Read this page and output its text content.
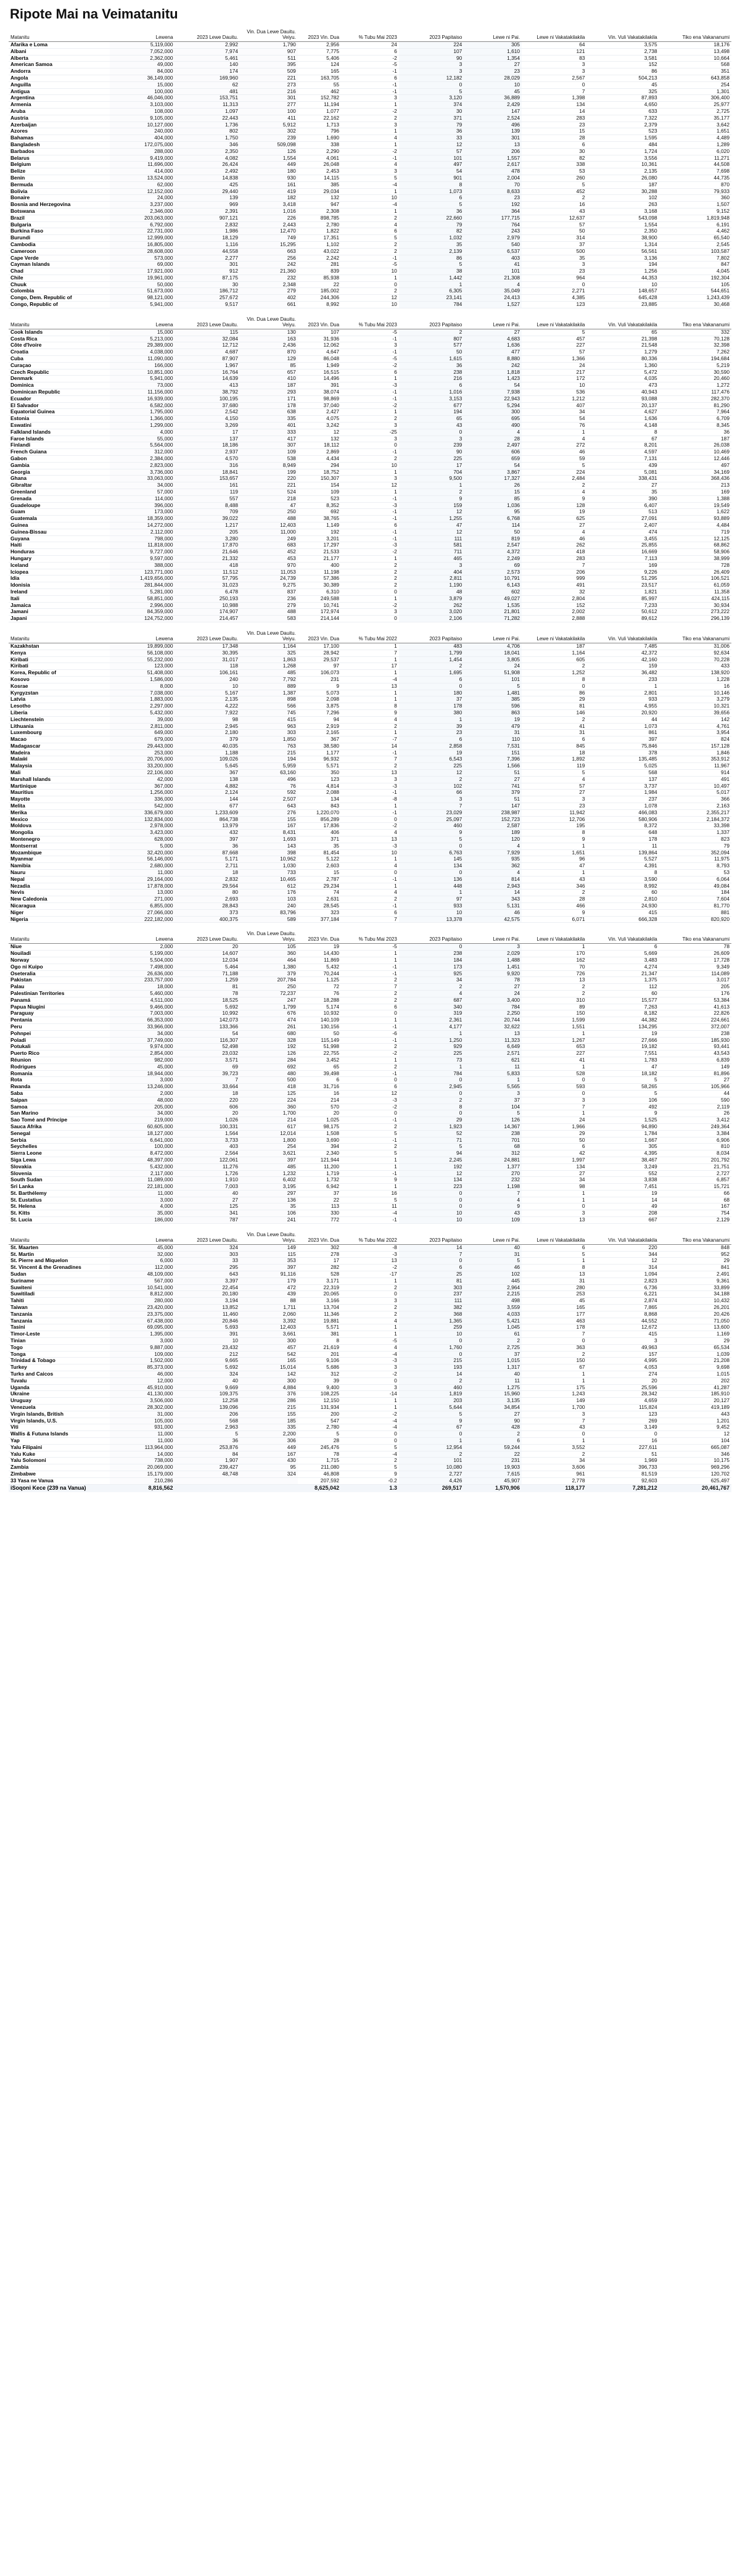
Ripote Mai na Veimatanitu
Matanitu	Lewena	2023 Lewe Dauitu.	Vin. Dua Lewe Dauitu. Veiyu.	2023 Vin. Dua	% Tubu Mai 2023	2023 Papitaiso	Lewe ni Pai.	Lewe ni Vakatakilakila	Vin. Vuli Vakatakilakila	Tiko ena Vakananumi
Afarika e Loma	5,119,000	2,992	1,790	2,956	24	224	305	64	3,575	18,176
Albani	7,052,000	7,974	907	7,775	6	107	1,610	121	2,738	13,498
Alberta	2,362,000	5,461	511	5,406	-2	90	1,354	83	3,581	10,664
American Samoa	49,000	140	395	124	-5	3	27	3	152	568
Andorra	84,000	174	509	165	-1	3	23	3	86	351
Angola	36,149,000	169,960	221	163,705	6	12,182	28,029	2,567	504,213	643,858
Anguilla	15,000	62	273	55	-1	0	10	0	45	254
Antigua	100,000	481	216	462	-1	5	45	7	325	1,301
Argentina	46,046,000	153,751	301	152,782	3	3,120	36,889	1,398	87,893	306,400
Armenia	3,103,000	11,313	277	11,194	1	374	2,429	134	4,650	25,977
Aruba	108,000	1,097	100	1,077	-2	30	147	14	633	2,725
Austria	9,105,000	22,443	411	22,162	2	371	2,524	283	7,322	35,177
Azerbaijan	10,127,000	1,736	5,912	1,713	3	79	496	23	2,379	3,642
Azores	240,000	802	302	796	1	36	139	15	523	1,651
Bahamas	404,000	1,750	239	1,690	4	33	301	28	1,595	4,489
Bangladesh	172,075,000	346	509,098	338	1	12	13	6	484	1,289
Barbados	288,000	2,350	126	2,290	-2	57	206	30	1,724	6,020
Belarus	9,419,000	4,082	1,554	4,061	-1	101	1,557	82	3,556	11,271
Belgium	11,696,000	26,424	449	26,048	4	497	2,617	338	10,361	44,508
Belize	414,000	2,492	180	2,453	3	54	478	53	2,135	7,698
Benin	13,524,000	14,838	930	14,115	5	901	2,004	260	26,080	44,735
Bermuda	62,000	425	161	385	-4	8	70	5	187	870
Bolivia	12,152,000	29,440	419	29,034	1	1,073	8,633	452	30,288	79,933
Bonaire	24,000	139	182	132	10	6	23	2	102	360
Bosnia and Herzegovina	3,237,000	969	3,418	947	-4	5	192	16	263	1,507
Botswana	2,346,000	2,391	1,016	2,308	1	36	364	43	3,168	9,152
Brazil	203,063,000	907,121	226	898,785	2	22,660	177,715	12,637	543,098	1,819,948
Bulgaria	6,792,000	2,832	2,443	2,780	4	79	764	57	1,554	6,191
Burkina Faso	22,731,000	1,986	12,470	1,822	6	82	243	50	2,350	4,462
Burundi	12,999,000	18,129	749	17,351	5	1,032	2,979	314	38,900	65,540
Cambodia	16,805,000	1,116	15,295	1,102	2	35	540	37	1,314	2,545
Cameroon	28,608,000	44,558	663	43,022	2	2,139	6,537	500	56,561	103,587
Cape Verde	573,000	2,277	256	2,242	-1	86	403	35	3,136	7,802
Cayman Islands	69,000	301	242	281	-5	5	41	3	194	847
Chad	17,921,000	912	21,360	839	10	38	101	23	1,256	4,045
Chile	19,961,000	87,175	232	85,938	1	1,442	21,308	964	44,353	192,304
Chuuk	50,000	30	2,348	22	0	1	4	0	10	105
Colombia	51,673,000	186,712	279	185,002	2	6,305	35,049	2,271	148,657	544,651
Congo, Dem. Republic of	98,121,000	257,672	402	244,306	12	23,141	24,413	4,385	645,428	1,243,439
Congo, Republic of	5,941,000	9,517	661	8,992	10	784	1,527	123	23,885	30,468
Matanitu	Lewena	2023 Lewe Dauitu.	Vin. Dua Lewe Dauitu. Veiyu.	2023 Vin. Dua	% Tubu Mai 2023	2023 Papitaiso	Lewe ni Pai.	Lewe ni Vakatakilakila	Vin. Vuli Vakatakilakila	Tiko ena Vakananumi
Cook Islands	15,000	115	130	107	-5	2	27	5	65	332
Costa Rica	5,213,000	32,084	163	31,936	-1	807	4,683	457	21,398	70,128
Côte d'Ivoire	29,389,000	12,712	2,436	12,062	3	577	1,636	227	21,548	32,398
Croatia	4,038,000	4,687	870	4,647	-1	50	477	57	1,279	7,262
Cuba	11,090,000	87,907	129	86,048	-5	1,615	8,880	1,366	80,336	194,684
Curaçao	166,000	1,967	85	1,949	-2	36	242	24	1,360	5,219
Czech Republic	10,851,000	16,764	657	16,515	6	238	1,818	217	5,472	30,590
Denmark	5,941,000	14,639	410	14,496	1	216	1,423	172	4,035	20,460
Dominica	73,000	413	187	391	-3	6	54	10	473	1,272
Dominican Republic	11,156,000	38,792	293	38,074	-1	1,016	7,938	536	40,943	117,476
Ecuador	16,939,000	100,195	171	98,869	-1	3,153	22,943	1,212	93,088	282,370
El Salvador	6,582,000	37,680	178	37,040	-2	677	5,294	407	20,137	81,290
Equatorial Guinea	1,795,000	2,542	638	2,427	1	194	300	34	4,627	7,964
Estonia	1,366,000	4,150	335	4,075	2	65	695	54	1,636	6,709
Eswatini	1,299,000	3,269	401	3,242	3	43	490	76	4,148	8,345
Falkland Islands	4,000	17	333	12	-25	0	4	1	8	36
Faroe Islands	55,000	137	417	132	3	3	28	4	67	187
Finlandi	5,564,000	18,186	307	18,112	0	239	2,497	272	8,201	26,038
French Guiana	312,000	2,937	109	2,869	-1	90	606	46	4,597	10,469
Gabon	2,384,000	4,570	538	4,434	2	225	659	59	7,131	12,446
Gambia	2,823,000	316	8,949	294	10	17	54	5	439	497
Georgia	3,736,000	18,841	199	18,752	1	704	3,867	224	5,081	34,169
Ghana	33,063,000	153,657	220	150,307	3	9,500	17,327	2,484	338,431	368,436
Gibraltar	34,000	161	221	154	12	1	26	2	27	213
Greenland	57,000	119	524	109	1	2	15	4	35	169
Grenada	114,000	557	218	523	-1	9	85	9	390	1,388
Guadeloupe	396,000	8,488	47	8,352	-3	159	1,036	128	6,407	19,549
Guam	173,000	709	250	692	-1	12	95	19	513	1,622
Guatemala	18,359,000	39,022	488	38,765	-1	1,255	6,768	625	27,091	93,889
Guinea	14,272,000	1,217	12,403	1,149	6	47	114	27	2,407	4,484
Guinea-Bissau	2,112,000	205	11,000	192	-1	12	50	4	474	719
Guyana	798,000	3,280	249	3,201	-1	111	819	46	3,455	12,125
Haiti	11,818,000	17,870	683	17,297	-3	581	2,547	262	25,855	68,862
Honduras	9,727,000	21,646	452	21,533	-2	711	4,372	418	16,669	58,906
Hungary	9,597,000	21,332	453	21,177	1	465	2,249	283	7,113	38,999
Iceland	388,000	418	970	400	2	3	69	7	169	728
Iciopea	123,771,000	11,512	11,053	11,198	2	404	2,573	206	9,226	26,409
Idia	1,419,656,000	57,795	24,739	57,386	2	2,811	10,791	999	51,295	106,521
Idonisia	281,844,000	31,023	9,275	30,389	2	1,190	6,143	491	23,517	61,059
Ireland	5,281,000	6,478	837	6,310	0	48	602	32	1,821	11,358
Itali	58,851,000	250,193	236	249,588	1	3,879	49,027	2,804	85,997	424,115
Jamaica	2,996,000	10,988	279	10,741	-2	262	1,535	152	7,233	30,934
Jamani	84,359,000	174,907	488	172,974	3	3,020	21,801	2,002	50,612	273,222
Japani	124,752,000	214,457	583	214,144	0	2,106	71,282	2,888	89,612	296,139
Matanitu	Lewena	2023 Lewe Dauitu.	Vin. Dua Lewe Dauitu. Veiyu.	2023 Vin. Dua	% Tubu Mai 2022	2023 Papitaiso	Lewe ni Pai.	Lewe ni Vakatakilakila	Vin. Vuli Vakatakilakila	Tiko ena Vakananumi
Kazakhstan	19,899,000	17,348	1,164	17,100	1	483	4,706	187	7,485	31,006
Kenya	56,108,000	30,395	325	28,942	7	1,799	18,041	1,164	42,372	92,634
Kiribati	55,232,000	31,017	1,863	29,537	1	1,454	3,805	605	42,160	70,228
Kiribati	123,000	118	1,268	97	17	2	24	2	159	433
Korea, Republic of	51,408,000	106,161	485	106,073	1	1,695	51,908	1,252	36,482	138,920
Kosovo	1,586,000	240	7,792	231	-4	6	101	8	233	1,228
Kosrae	8,000	10	889	9	13	0	5	0	1	16
Kyrgyzstan	7,038,000	5,167	1,387	5,073	1	180	1,481	86	2,801	10,146
Latvia	1,883,000	2,135	898	2,098	1	37	385	29	933	3,279
Lesotho	2,297,000	4,222	566	3,875	8	178	596	81	4,955	10,321
Liberia	5,432,000	7,922	745	7,296	9	380	863	146	20,920	39,656
Liechtenstein	39,000	98	415	94	4	1	19	2	44	142
Lithuania	2,811,000	2,945	963	2,919	2	39	479	41	1,073	4,761
Luxembourg	649,000	2,180	303	2,165	1	23	31	31	861	3,954
Macao	679,000	379	1,850	367	-7	6	110	6	397	824
Madagascar	29,443,000	40,035	763	38,580	14	2,858	7,531	845	75,846	157,128
Madeira	253,000	1,188	215	1,177	-1	19	151	18	378	1,846
Malaŵi	20,706,000	109,026	194	96,932	7	6,543	7,396	1,892	135,485	353,912
Malaysia	33,200,000	5,645	5,959	5,571	2	225	1,566	119	5,025	11,967
Mali	22,106,000	367	63,160	350	13	12	51	5	568	914
Marshall Islands	42,000	138	496	123	3	2	27	4	137	491
Martinique	367,000	4,882	76	4,814	-3	102	741	57	3,737	10,497
Mauritius	1,256,000	2,124	592	2,088	-1	66	379	27	1,984	5,017
Mayotte	336,000	144	2,507	134	-8	3	51	3	237	366
Melita	542,000	677	643	843	1	7	147	23	1,078	2,163
Merika	336,679,000	1,233,609	276	1,220,070	-1	23,029	238,987	11,942	466,083	2,355,217
Mexico	132,834,000	864,738	155	856,289	0	25,097	152,723	12,706	580,906	2,184,372
Moldova	2,978,000	13,979	167	17,836	-2	460	2,587	195	8,372	33,398
Mongolia	3,423,000	432	8,431	406	4	9	189	8	648	1,337
Montenegro	628,000	397	1,693	371	13	5	120	9	178	823
Montserrat	5,000	36	143	35	-3	0	4	1	11	79
Mozambique	32,420,000	87,668	398	81,454	10	6,763	7,929	1,651	139,864	352,094
Myanmar	56,146,000	5,171	10,962	5,122	1	145	935	96	5,527	11,975
Namibia	2,680,000	2,711	1,030	2,603	4	134	362	47	4,391	8,793
Nauru	11,000	18	733	15	0	0	4	1	8	53
Nepal	29,164,000	2,832	10,465	2,787	-1	136	814	43	3,590	6,064
Nezadia	17,878,000	29,564	612	29,234	1	448	2,943	346	8,992	49,084
Nevis	13,000	80	176	74	4	1	14	2	60	184
New Caledonia	271,000	2,693	103	2,631	2	97	343	28	2,810	7,604
Nicaragua	6,855,000	28,843	240	28,545	-1	933	5,131	466	24,930	81,770
Niger	27,066,000	373	83,796	323	6	10	46	9	415	881
Nigeria	222,182,000	400,375	589	377,184	7	13,378	42,575	6,071	666,328	820,920
Matanitu	Lewena	2023 Lewe Dauitu.	Vin. Dua Lewe Dauitu. Veiyu.	2023 Vin. Dua	% Tubu Mai 2023	2023 Papitaiso	Lewe ni Pai.	Lewe ni Vakatakilakila	Vin. Vuli Vakatakilakila	Tiko ena Vakananumi
Niue	2,000	20	105	19	-5	0	3	1	6	78
Nouiladi	5,199,000	14,607	360	14,430	1	238	2,029	170	5,669	26,609
Norway	5,504,000	12,034	464	11,869	1	184	1,488	162	3,483	17,728
Ogo ni Kuipo	7,498,000	5,464	1,380	5,432	-1	173	1,451	70	4,274	9,349
Oseteralia	26,636,000	71,188	379	70,244	-1	925	9,920	726	21,347	114,089
Pakistan	233,757,000	1,259	207,784	1,125	2	34	78	13	1,375	3,017
Palau	18,000	81	250	72	7	2	27	2	112	205
Palestinian Territories	5,460,000	78	72,237	76	2	4	24	2	60	176
Panamá	4,511,000	18,525	247	18,288	2	687	3,400	310	15,577	53,384
Papua Niugini	9,466,000	5,692	1,799	5,174	6	340	784	89	7,263	41,613
Paraguay	7,003,000	10,992	676	10,932	0	319	2,250	150	8,182	22,826
Pentania	66,353,000	142,073	474	140,109	1	2,361	20,744	1,599	44,382	224,661
Peru	33,966,000	133,366	261	130,156	-1	4,177	32,622	1,551	134,295	372,007
Pohnpei	34,000	54	680	50	-6	1	13	1	19	238
Poladi	37,749,000	116,307	328	115,149	-1	1,250	11,323	1,267	27,666	185,930
Potukali	9,974,000	52,498	192	51,998	2	929	6,649	653	19,182	93,441
Puerto Rico	2,854,000	23,032	126	22,755	-2	225	2,571	227	7,551	43,543
Réunion	982,000	3,571	284	3,452	1	73	621	41	1,783	6,839
Rodrigues	45,000	69	692	65	2	1	11	1	47	149
Romania	18,944,000	39,723	480	39,498	-1	784	5,833	528	18,182	81,896
Rota	3,000	7	500	6	0	0	1	0	5	27
Rwanda	13,246,000	33,664	418	31,716	6	2,945	5,565	593	58,265	105,966
Saba	2,000	18	125	16	12	0	3	0	5	44
Saipan	48,000	220	224	214	-3	2	37	3	106	590
Samoa	205,000	606	360	570	-2	8	104	7	492	2,119
San Marino	34,000	20	1,700	20	0	0	5	1	9	26
Sao Tomé and Príncipe	219,000	1,026	214	1,025	-1	29	126	24	1,525	3,412
Sauca Afrika	60,605,000	100,331	617	98,175	2	1,923	14,367	1,966	94,890	249,364
Senegal	18,127,000	1,564	12,014	1,508	5	52	238	29	1,784	3,384
Serbia	6,641,000	3,733	1,800	3,690	-1	71	701	50	1,667	6,906
Seychelles	100,000	403	254	394	2	5	68	6	305	810
Sierra Leone	8,472,000	2,564	3,621	2,340	5	94	312	42	4,395	8,034
Siga Lewa	48,397,000	122,061	397	121,944	1	2,245	24,881	1,997	38,467	201,792
Slovakia	5,432,000	11,276	485	11,200	1	192	1,377	134	3,249	21,751
Slovenia	2,117,000	1,726	1,232	1,719	-1	12	270	27	552	2,727
South Sudan	11,089,000	1,910	6,402	1,732	9	134	232	34	3,838	6,857
Sri Lanka	22,181,000	7,003	3,195	6,942	1	223	1,198	98	7,451	15,721
St. Barthélemy	11,000	40	297	37	16	0	7	1	19	66
St. Eustatius	3,000	27	136	22	5	0	4	1	14	68
St. Helena	4,000	125	35	113	11	0	9	0	49	167
St. Kitts	35,000	341	106	330	-4	10	43	3	208	754
St. Lucia	186,000	787	241	772	-1	10	109	13	667	2,129
Matanitu	Lewena	2023 Lewe Dauitu.	Vin. Dua Lewe Dauitu. Veiyu.	2023 Vin. Dua	% Tubu Mai 2022	2023 Papitaiso	Lewe ni Pai.	Lewe ni Vakatakilakila	Vin. Vuli Vakatakilakila	Tiko ena Vakananumi
St. Maarten	45,000	324	149	302	-8	14	40	6	220	848
St. Martin	32,000	303	115	278	-3	7	31	5	344	952
St. Pierre and Miquelon	6,000	33	353	17	13	0	5	1	12	29
St. Vincent & the Grenadines	112,000	295	397	282	-2	6	46	8	314	841
Sudan	48,109,000	643	91,116	528	-17	25	102	13	1,094	2,491
Suriname	567,000	3,397	179	3,171	1	81	445	31	2,823	9,361
Suwiteni	10,541,000	22,454	472	22,319	2	303	2,964	280	6,736	33,899
Suwitiladi	8,812,000	20,180	439	20,065	0	237	2,215	253	6,221	34,188
Tahiti	280,000	3,194	88	3,166	3	111	498	45	2,874	10,432
Taiwan	23,420,000	13,852	1,711	13,704	2	382	3,559	165	7,865	26,201
Tanzania	23,375,000	11,460	2,060	11,346	2	368	4,033	177	8,868	20,426
Tanzania	67,438,000	20,846	3,392	19,881	4	1,365	5,421	463	44,552	71,050
Tasini	69,095,000	5,693	12,403	5,571	1	259	1,045	178	12,672	13,600
Timor-Leste	1,395,000	391	3,661	381	1	10	61	7	415	1,169
Tinian	3,000	10	300	8	-5	0	2	0	3	29
Togo	9,887,000	23,432	457	21,619	4	1,760	2,725	363	49,963	65,534
Tonga	109,000	212	542	201	-4	0	37	2	157	1,039
Trinidad & Tobago	1,502,000	9,665	165	9,106	-3	215	1,015	150	4,995	21,208
Turkey	85,373,000	5,692	15,014	5,686	3	193	1,317	67	4,053	9,698
Turks and Caicos	46,000	324	142	312	-2	14	40	1	274	1,015
Tuvalu	12,000	40	300	39	0	2	11	1	20	202
Uganda	45,910,000	9,669	4,884	9,400	3	460	1,275	175	25,596	41,287
Ukraine	41,130,000	109,375	376	108,225	-14	1,819	15,960	1,243	28,342	185,910
Uruguay	3,506,000	12,258	286	12,150	1	203	3,135	149	4,659	20,127
Venezuela	28,302,000	139,096	215	131,934	1	5,644	34,854	1,700	115,824	419,189
Virgin Islands, British	31,000	206	155	200	-2	5	27	3	123	443
Virgin Islands, U.S.	105,000	568	185	547	-4	9	90	7	269	1,201
Viti	931,000	2,963	335	2,780	-4	67	428	43	3,149	9,452
Wallis & Futuna Islands	11,000	5	2,200	5	0	0	2	0	0	12
Yap	11,000	36	306	28	0	1	6	1	16	104
Yalu Filipaini	113,964,000	253,876	449	245,476	5	12,954	59,244	3,552	227,611	665,087
Yalu Kuke	14,000	84	167	78	-4	2	22	2	51	346
Yalu Solomoni	738,000	1,907	430	1,715	2	101	231	34	1,969	10,175
Zambia	20,069,000	239,427	95	211,080	5	10,080	19,903	3,606	396,733	969,296
Zimbabwe	15,179,000	48,748	324	46,808	9	2,727	7,615	961	81,519	120,702
33 Yasa ne Vanua	210,286			207,592	-0.2	4,426	45,907	2,778	92,603	625,497
iSoqoni Kece (239 na Vanua)	8,816,562			8,625,042	1.3	269,517	1,570,906	118,177	7,281,212	20,461,767
